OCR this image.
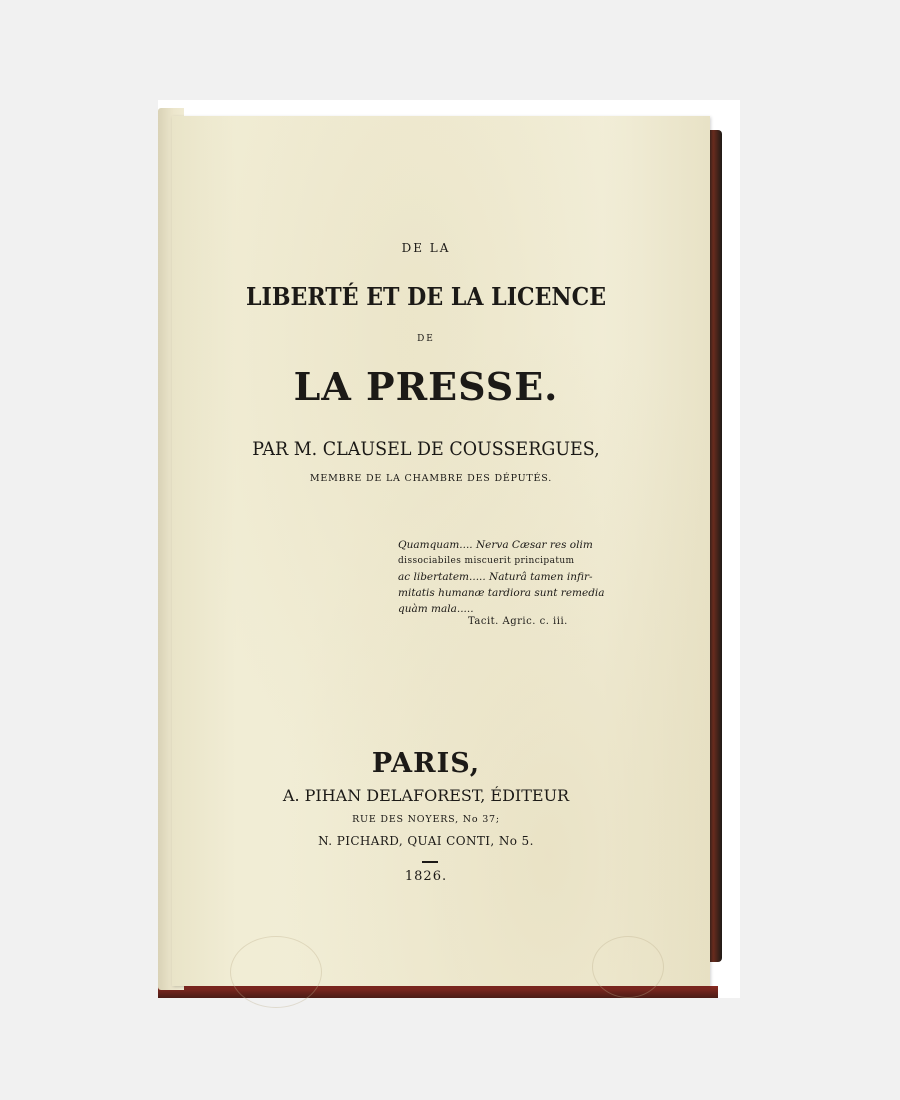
DE LA
LIBERTÉ ET DE LA LICENCE
DE
LA PRESSE.
PAR M. CLAUSEL DE COUSSERGUES,
MEMBRE DE LA CHAMBRE DES DÉPUTÉS.
Quamquam.... Nerva Cæsar res olim
dissociabiles miscuerit principatum
ac libertatem..... Naturâ tamen infir-
mitatis humanæ tardiora sunt remedia
quàm mala.....
Tacit. Agric. c. iii.
PARIS,
A. PIHAN DELAFOREST, ÉDITEUR
RUE DES NOYERS, No 37;
N. PICHARD, QUAI CONTI, No 5.
1826.
